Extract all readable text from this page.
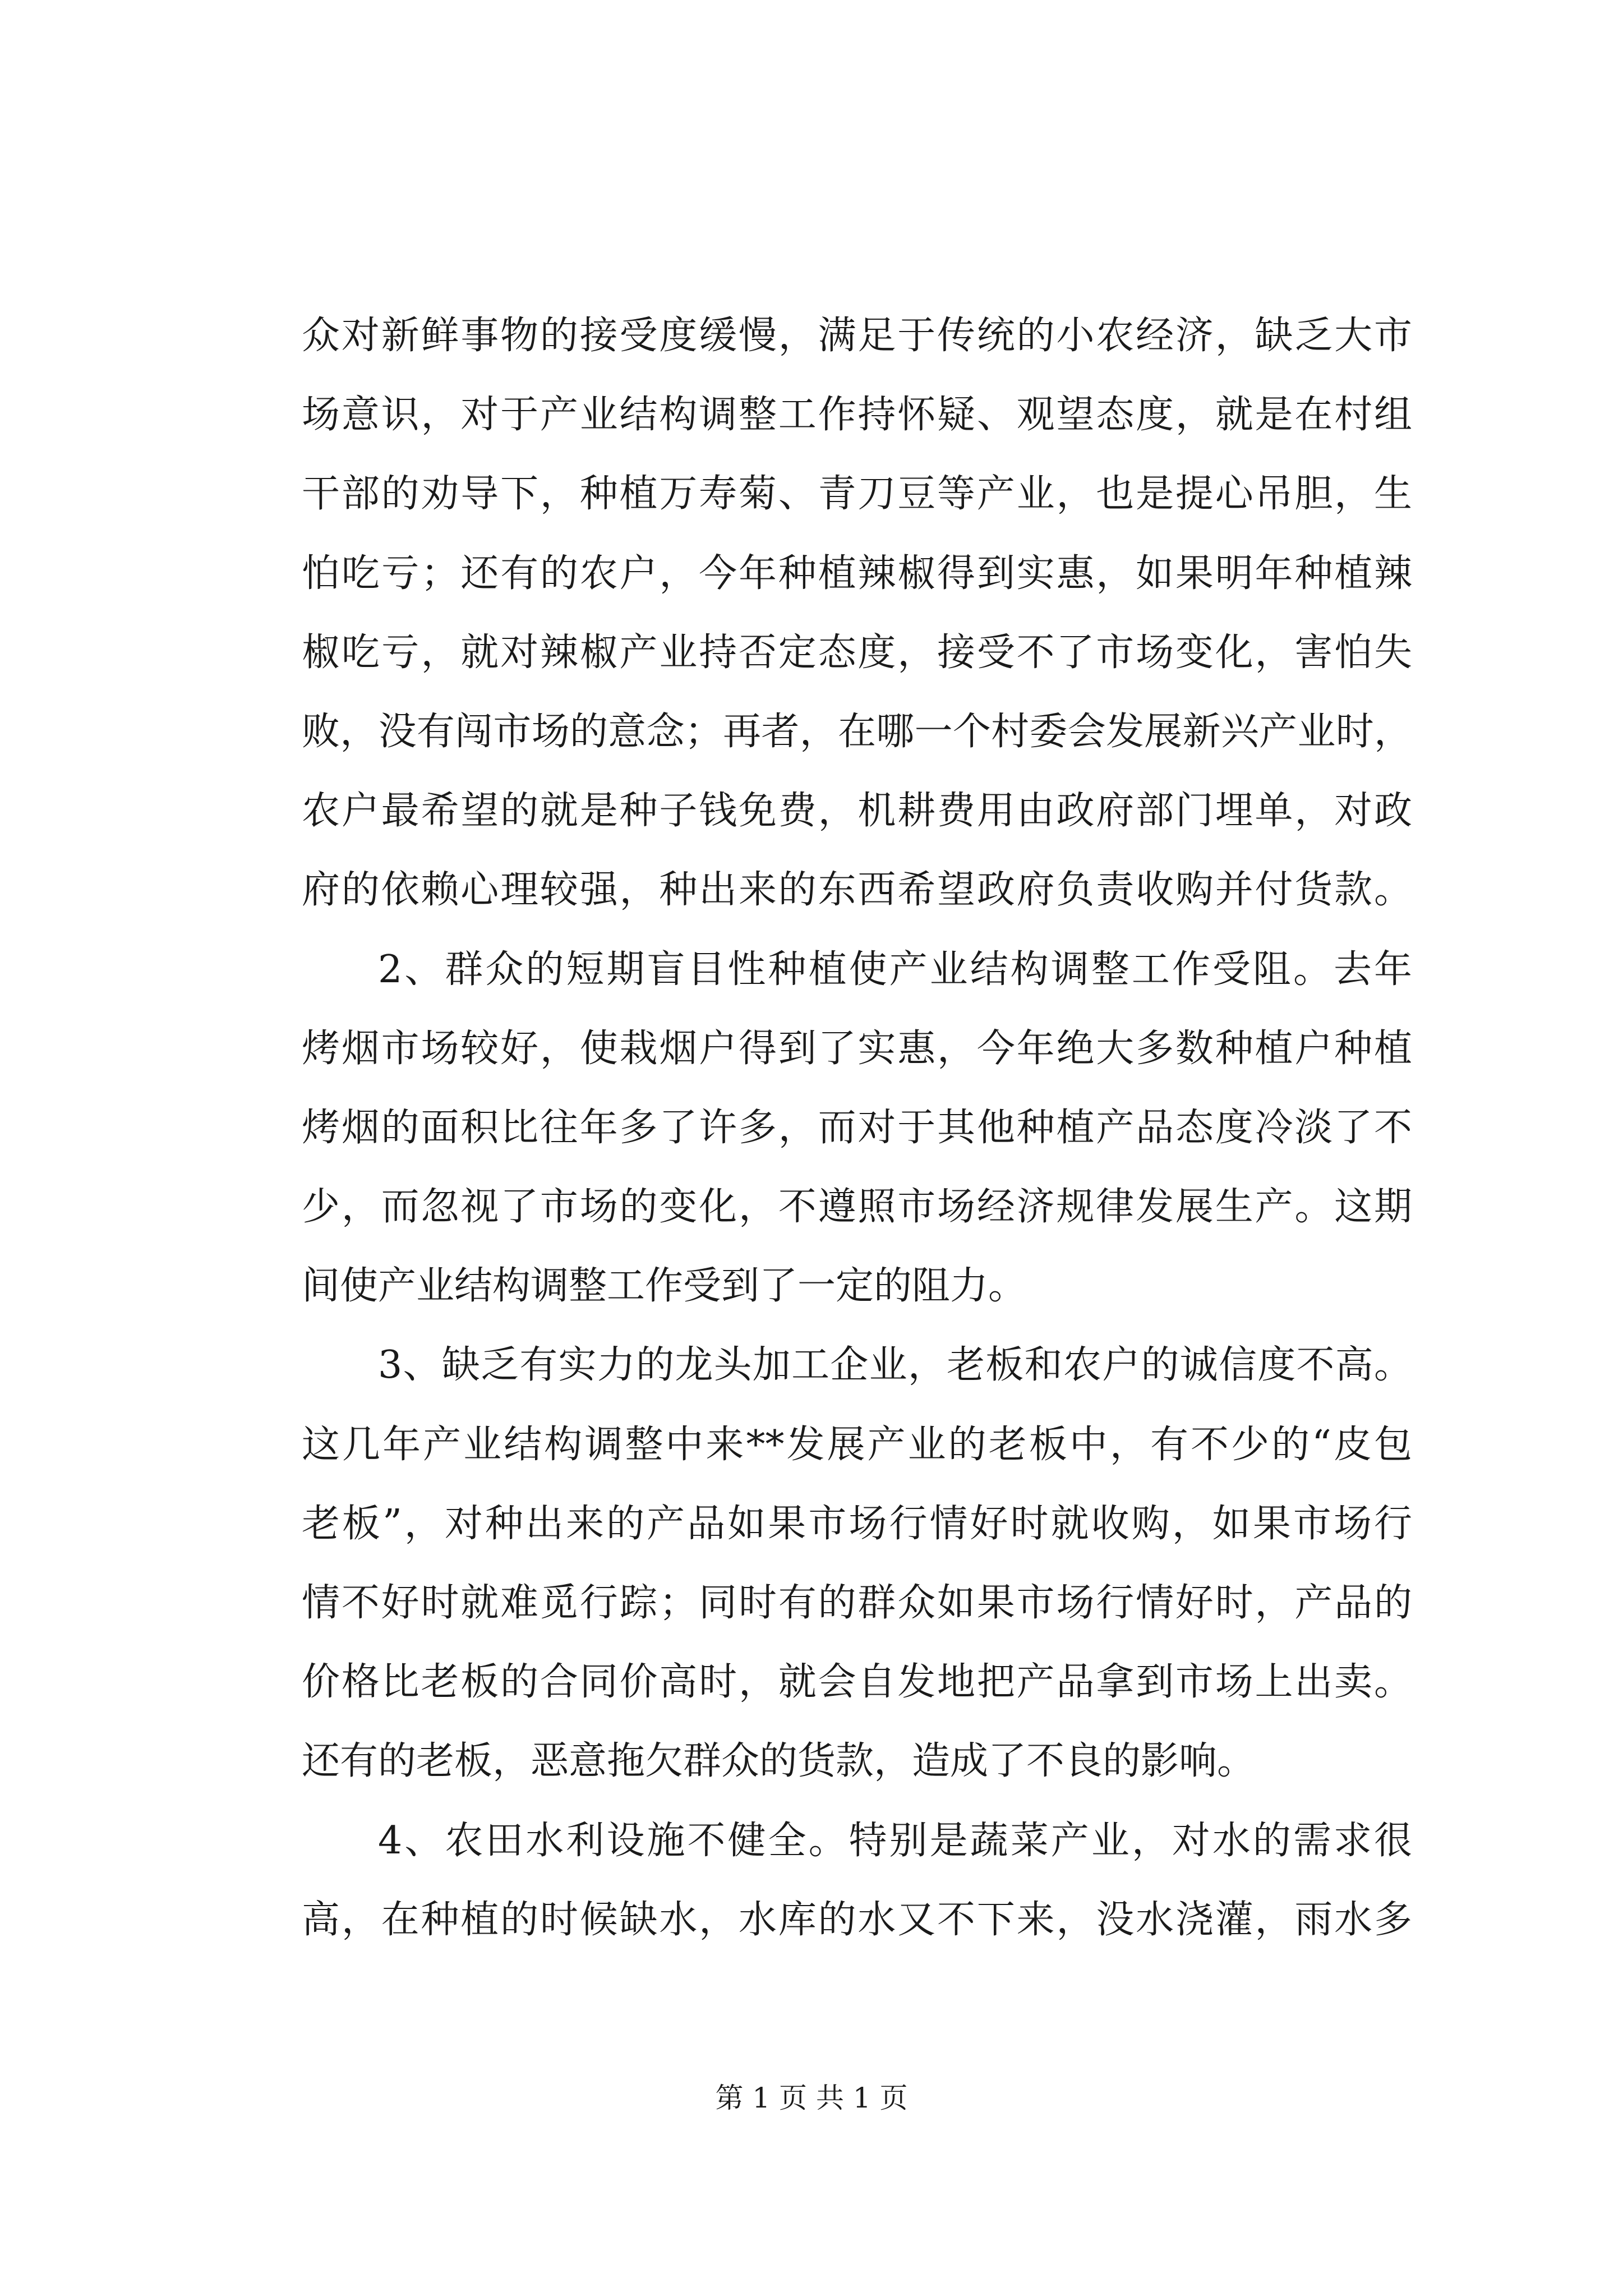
众对新鲜事物的接受度缓慢，满足于传统的小农经济，缺乏大市
场意识，对于产业结构调整工作持怀疑、观望态度，就是在村组
干部的劝导下，种植万寿菊、青刀豆等产业，也是提心吊胆，生
怕吃亏；还有的农户，今年种植辣椒得到实惠，如果明年种植辣
椒吃亏，就对辣椒产业持否定态度，接受不了市场变化，害怕失
败，没有闯市场的意念；再者，在哪一个村委会发展新兴产业时，
农户最希望的就是种子钱免费，机耕费用由政府部门埋单，对政
府的依赖心理较强，种出来的东西希望政府负责收购并付货款。
2、群众的短期盲目性种植使产业结构调整工作受阻。去年
烤烟市场较好，使栽烟户得到了实惠，今年绝大多数种植户种植
烤烟的面积比往年多了许多，而对于其他种植产品态度冷淡了不
少，而忽视了市场的变化，不遵照市场经济规律发展生产。这期
间使产业结构调整工作受到了一定的阻力。
3、缺乏有实力的龙头加工企业，老板和农户的诚信度不高。
这几年产业结构调整中来**发展产业的老板中，有不少的“皮包
老板”，对种出来的产品如果市场行情好时就收购，如果市场行
情不好时就难觅行踪；同时有的群众如果市场行情好时，产品的
价格比老板的合同价高时，就会自发地把产品拿到市场上出卖。
还有的老板，恶意拖欠群众的货款，造成了不良的影响。
4、农田水利设施不健全。特别是蔬菜产业，对水的需求很
高，在种植的时候缺水，水库的水又不下来，没水浇灌，雨水多
第 1 页 共 1 页
